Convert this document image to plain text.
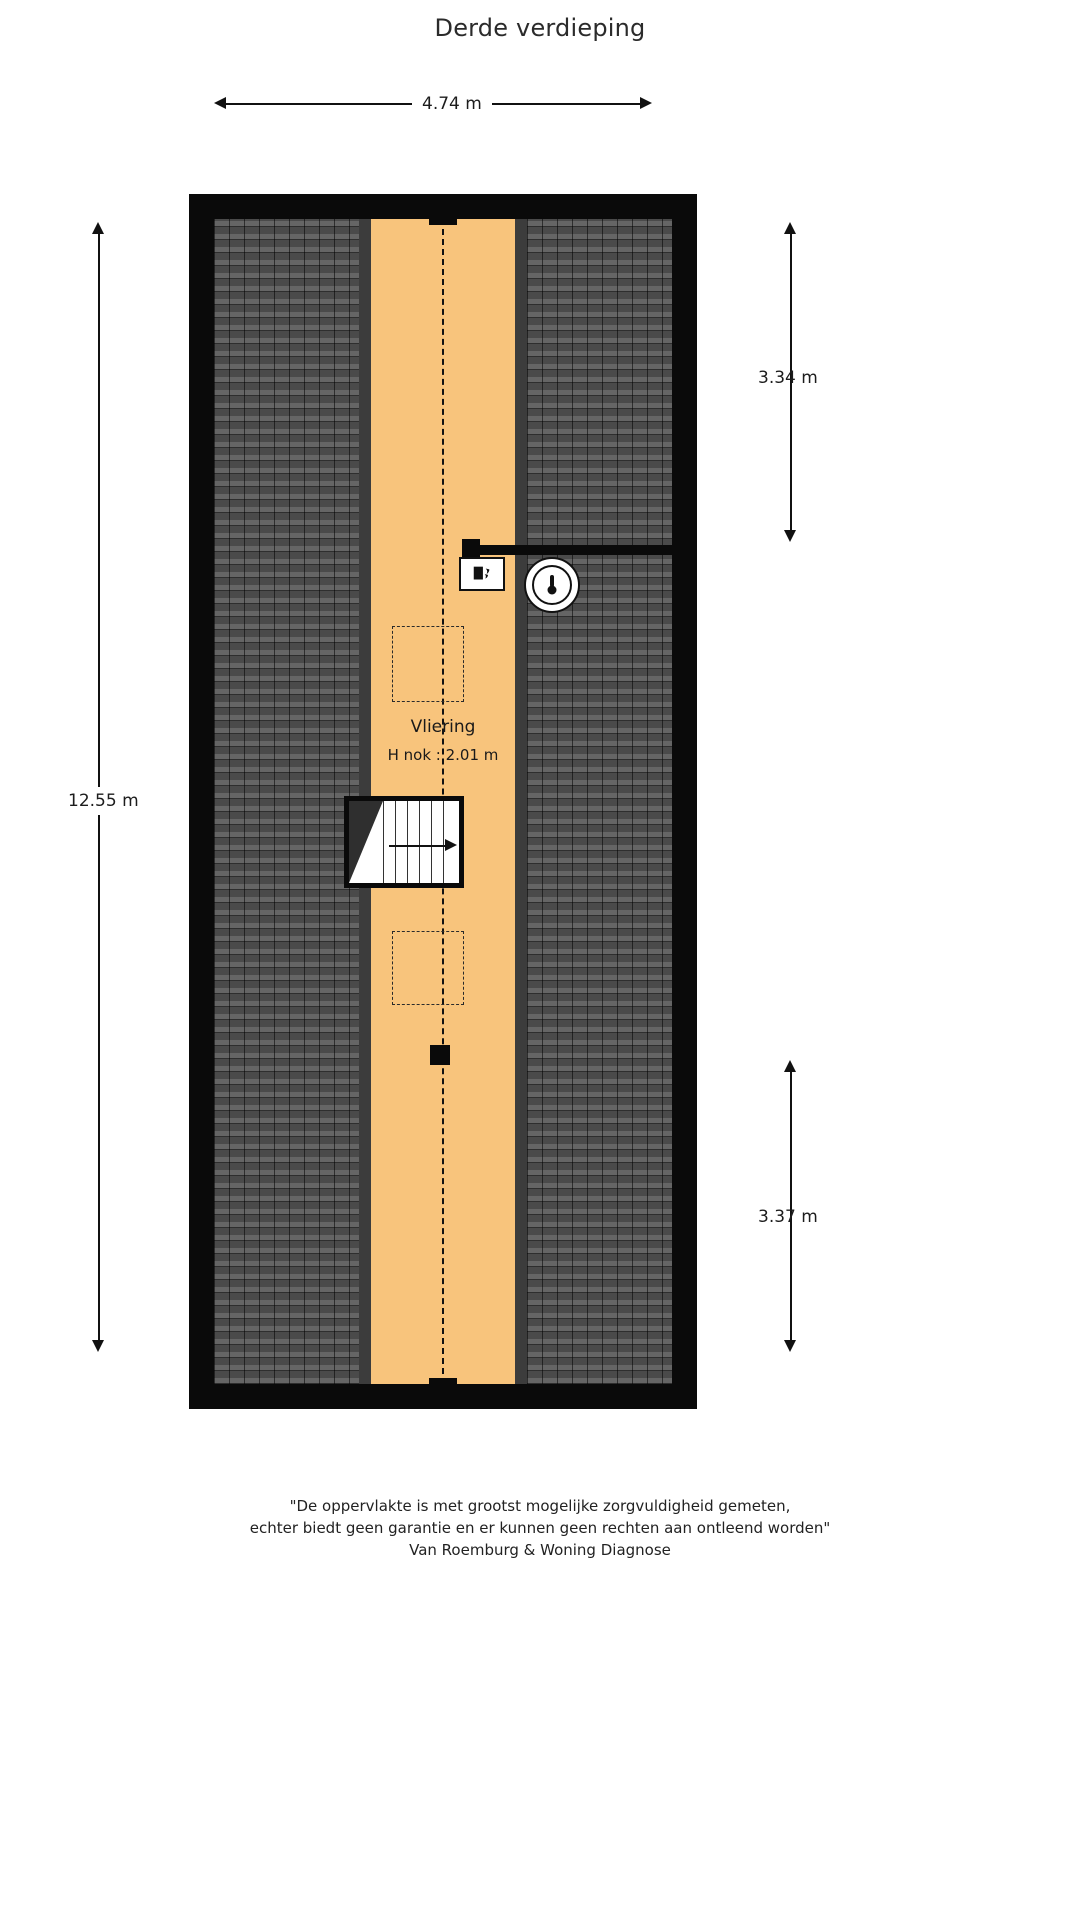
Derde verdieping
4.74 m
12.55 m
3.34 m
3.37 m
Vliering
H nok : 2.01 m
"De oppervlakte is met grootst mogelijke zorgvuldigheid gemeten,
echter biedt geen garantie en er kunnen geen rechten aan ontleend worden"
Van Roemburg & Woning Diagnose
